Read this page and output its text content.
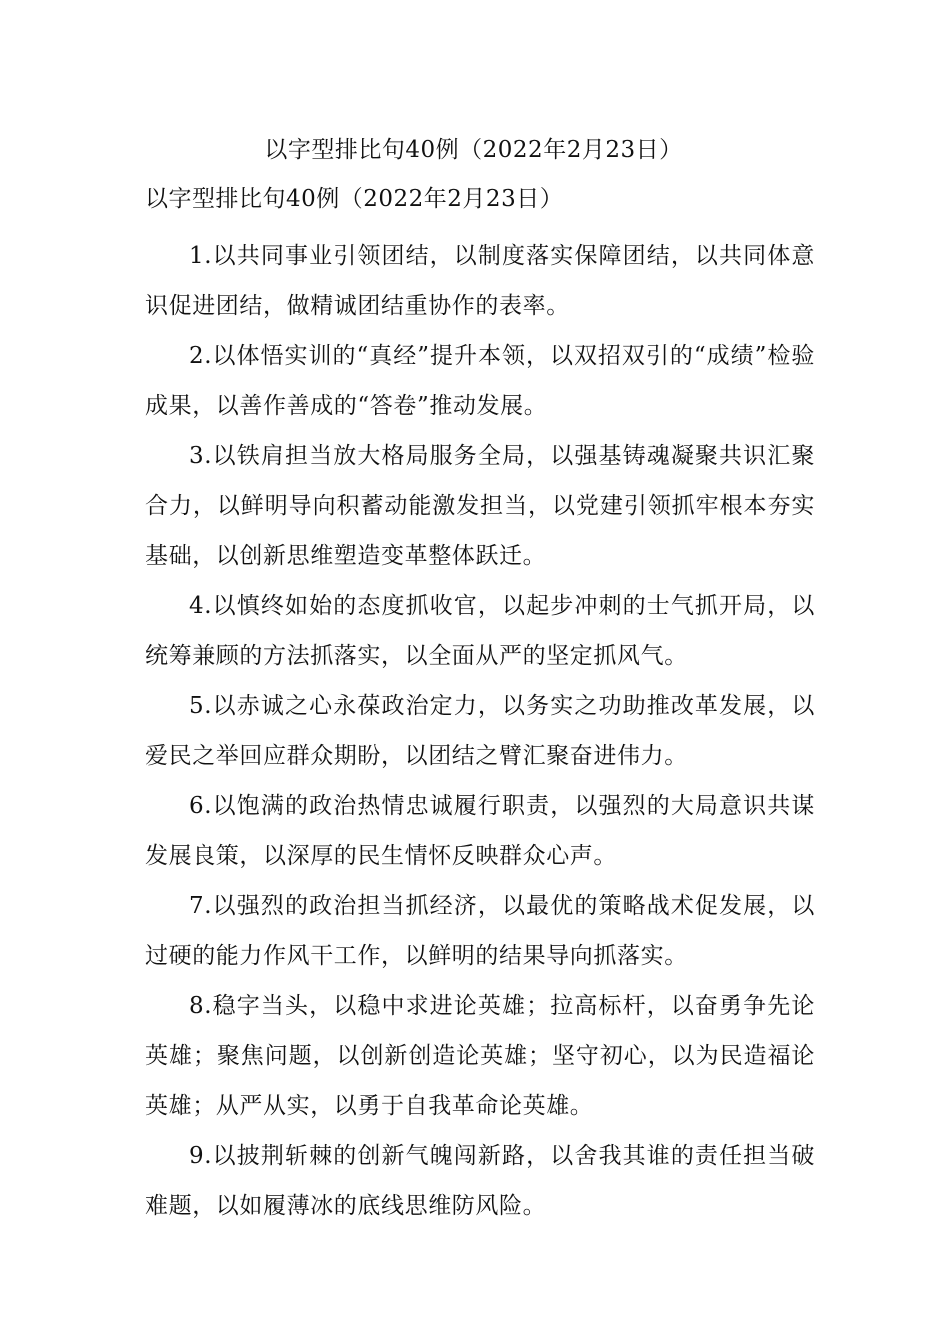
以字型排比句40例（2022年2月23日）

以字型排比句40例（2022年2月23日）

1.以共同事业引领团结，以制度落实保障团结，以共同体意识促进团结，做精诚团结重协作的表率。

2.以体悟实训的“真经”提升本领，以双招双引的“成绩”检验成果，以善作善成的“答卷”推动发展。

3.以铁肩担当放大格局服务全局，以强基铸魂凝聚共识汇聚合力，以鲜明导向积蓄动能激发担当，以党建引领抓牢根本夯实基础，以创新思维塑造变革整体跃迁。

4.以慎终如始的态度抓收官，以起步冲刺的士气抓开局，以统筹兼顾的方法抓落实，以全面从严的坚定抓风气。

5.以赤诚之心永葆政治定力，以务实之功助推改革发展，以爱民之举回应群众期盼，以团结之臂汇聚奋进伟力。

6.以饱满的政治热情忠诚履行职责，以强烈的大局意识共谋发展良策，以深厚的民生情怀反映群众心声。

7.以强烈的政治担当抓经济，以最优的策略战术促发展，以过硬的能力作风干工作，以鲜明的结果导向抓落实。

8.稳字当头，以稳中求进论英雄；拉高标杆，以奋勇争先论英雄；聚焦问题，以创新创造论英雄；坚守初心，以为民造福论英雄；从严从实，以勇于自我革命论英雄。

9.以披荆斩棘的创新气魄闯新路，以舍我其谁的责任担当破难题，以如履薄冰的底线思维防风险。
